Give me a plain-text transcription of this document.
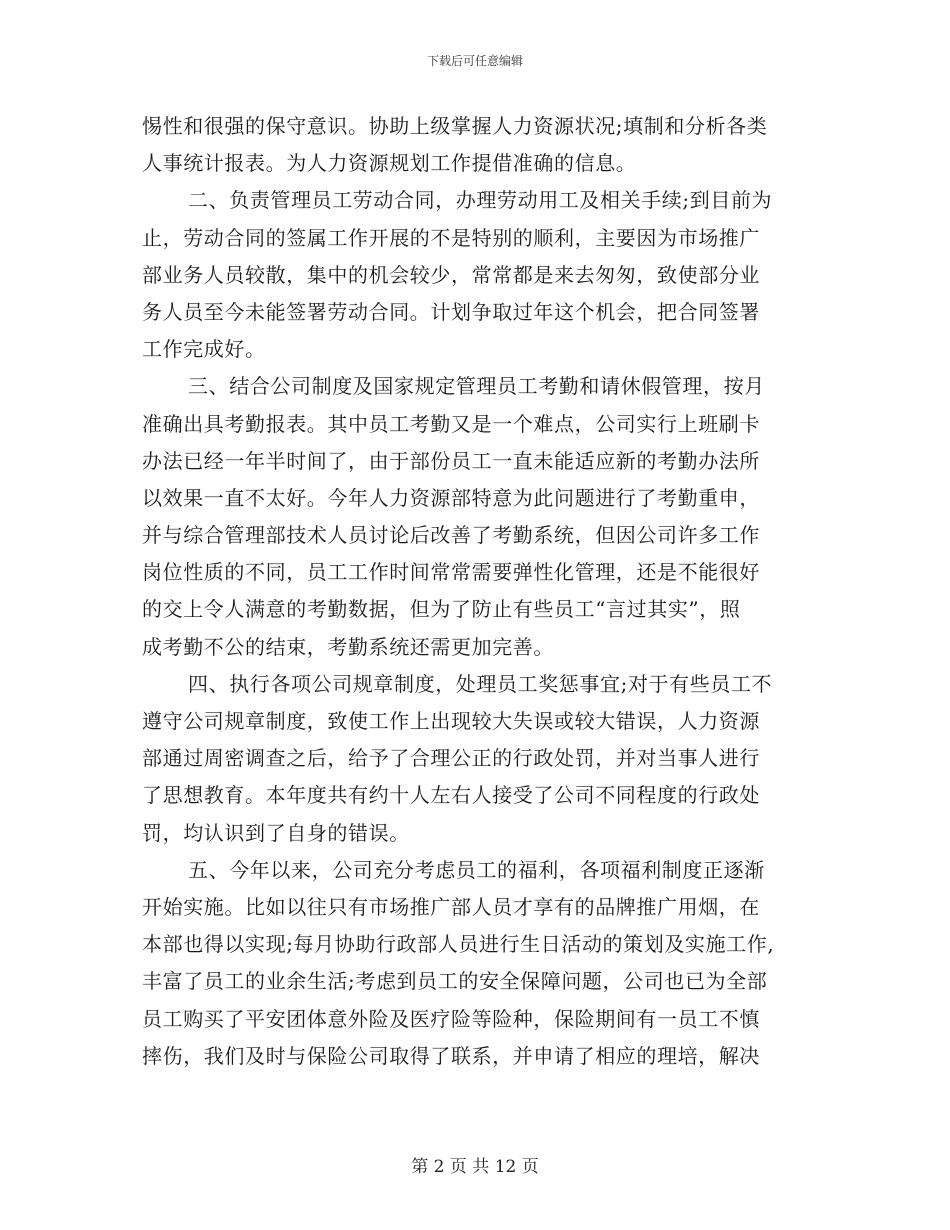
下载后可任意编辑
惕性和很强的保守意识。协助上级掌握人力资源状况;填制和分析各类
人事统计报表。为人力资源规划工作提借准确的信息。
二、负责管理员工劳动合同，办理劳动用工及相关手续;到目前为
止，劳动合同的签属工作开展的不是特别的顺利，主要因为市场推广
部业务人员较散，集中的机会较少，常常都是来去匆匆，致使部分业
务人员至今未能签署劳动合同。计划争取过年这个机会，把合同签署
工作完成好。
三、结合公司制度及国家规定管理员工考勤和请休假管理，按月
准确出具考勤报表。其中员工考勤又是一个难点，公司实行上班刷卡
办法已经一年半时间了，由于部份员工一直未能适应新的考勤办法所
以效果一直不太好。今年人力资源部特意为此问题进行了考勤重申，
并与综合管理部技术人员讨论后改善了考勤系统，但因公司许多工作
岗位性质的不同，员工工作时间常常需要弹性化管理，还是不能很好
的交上令人满意的考勤数据，但为了防止有些员工“言过其实”，照
成考勤不公的结束，考勤系统还需更加完善。
四、执行各项公司规章制度，处理员工奖惩事宜;对于有些员工不
遵守公司规章制度，致使工作上出现较大失误或较大错误，人力资源
部通过周密调查之后，给予了合理公正的行政处罚，并对当事人进行
了思想教育。本年度共有约十人左右人接受了公司不同程度的行政处
罚，均认识到了自身的错误。
五、今年以来，公司充分考虑员工的福利，各项福利制度正逐渐
开始实施。比如以往只有市场推广部人员才享有的品牌推广用烟，在
本部也得以实现;每月协助行政部人员进行生日活动的策划及实施工作,
丰富了员工的业余生活;考虑到员工的安全保障问题，公司也已为全部
员工购买了平安团体意外险及医疗险等险种，保险期间有一员工不慎
摔伤，我们及时与保险公司取得了联系，并申请了相应的理培，解决
第 2 页 共 12 页
